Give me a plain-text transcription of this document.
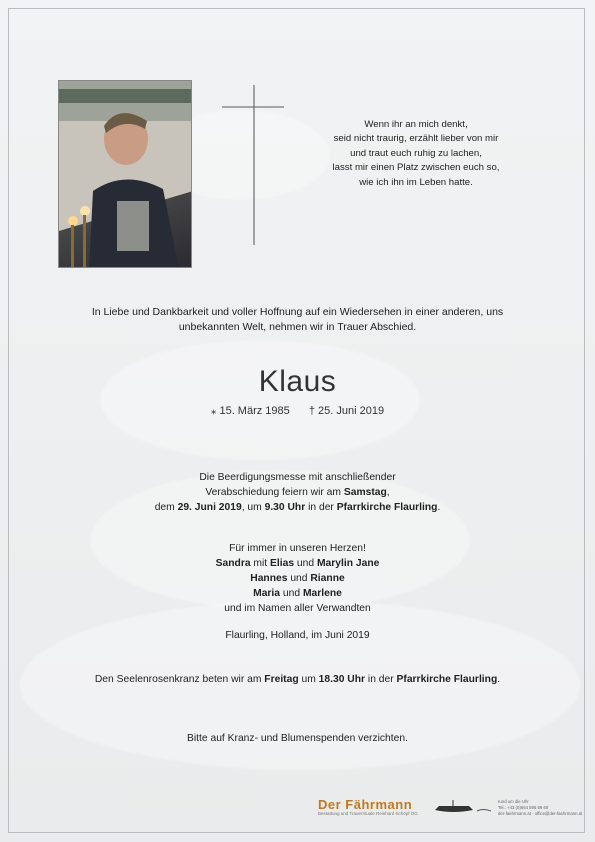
Wenn ihr an mich denkt,
seid nicht traurig, erzählt lieber von mir
und traut euch ruhig zu lachen,
lasst mir einen Platz zwischen euch so,
wie ich ihn im Leben hatte.
In Liebe und Dankbarkeit und voller Hoffnung auf ein Wiedersehen in einer anderen, uns
unbekannten Welt, nehmen wir in Trauer Abschied.
Klaus
⁎ 15. März 1985 † 25. Juni 2019
Die Beerdigungsmesse mit anschließender
Verabschiedung feiern wir am Samstag,
dem 29. Juni 2019, um 9.30 Uhr in der Pfarrkirche Flaurling.
Für immer in unseren Herzen!
Sandra mit Elias und Marylin Jane
Hannes und Rianne
Maria und Marlene
und im Namen aller Verwandten
Flaurling, Holland, im Juni 2019
Den Seelenrosenkranz beten wir am Freitag um 18.30 Uhr in der Pfarrkirche Flaurling.
Bitte auf Kranz- und Blumenspenden verzichten.
Der Fährmann
Bestattung und Trauerrituale Reinhard Schöpf OG
rund um die Uhr
Tel.: +43 (0)664 595 99 60
der-faehrmann.at · office@der-faehrmann.at
